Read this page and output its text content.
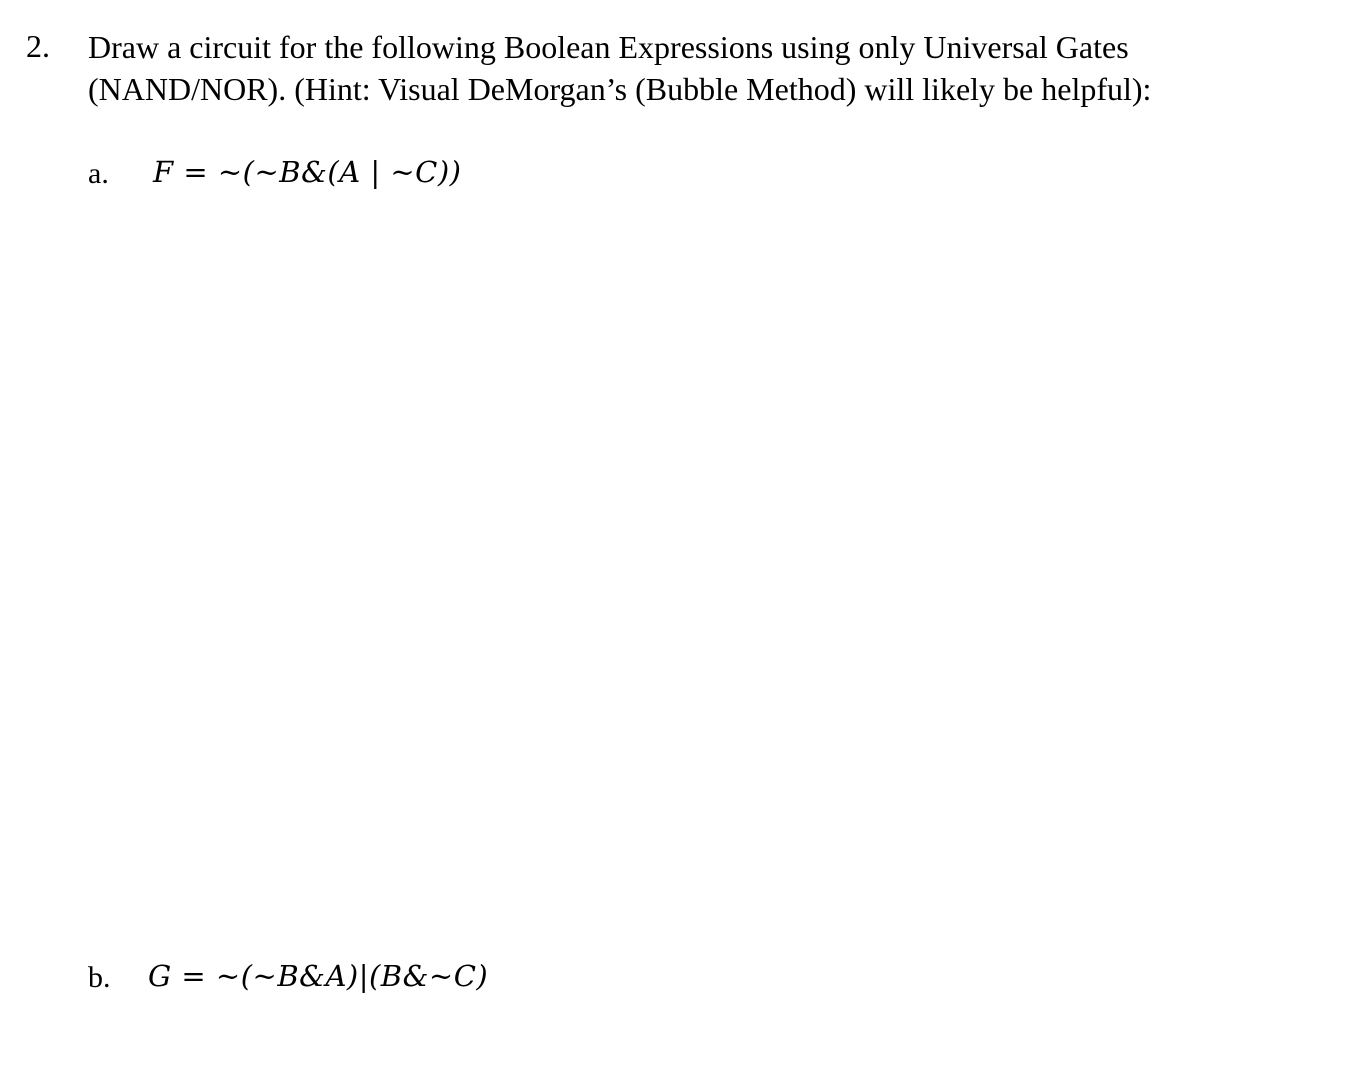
2. Draw a circuit for the following Boolean Expressions using only Universal Gates
(NAND/NOR). (Hint: Visual DeMorgan’s (Bubble Method) will likely be helpful):
a. F = ~(~B&(A | ~C))
b. G = ~(~B&A)|(B&~C)
